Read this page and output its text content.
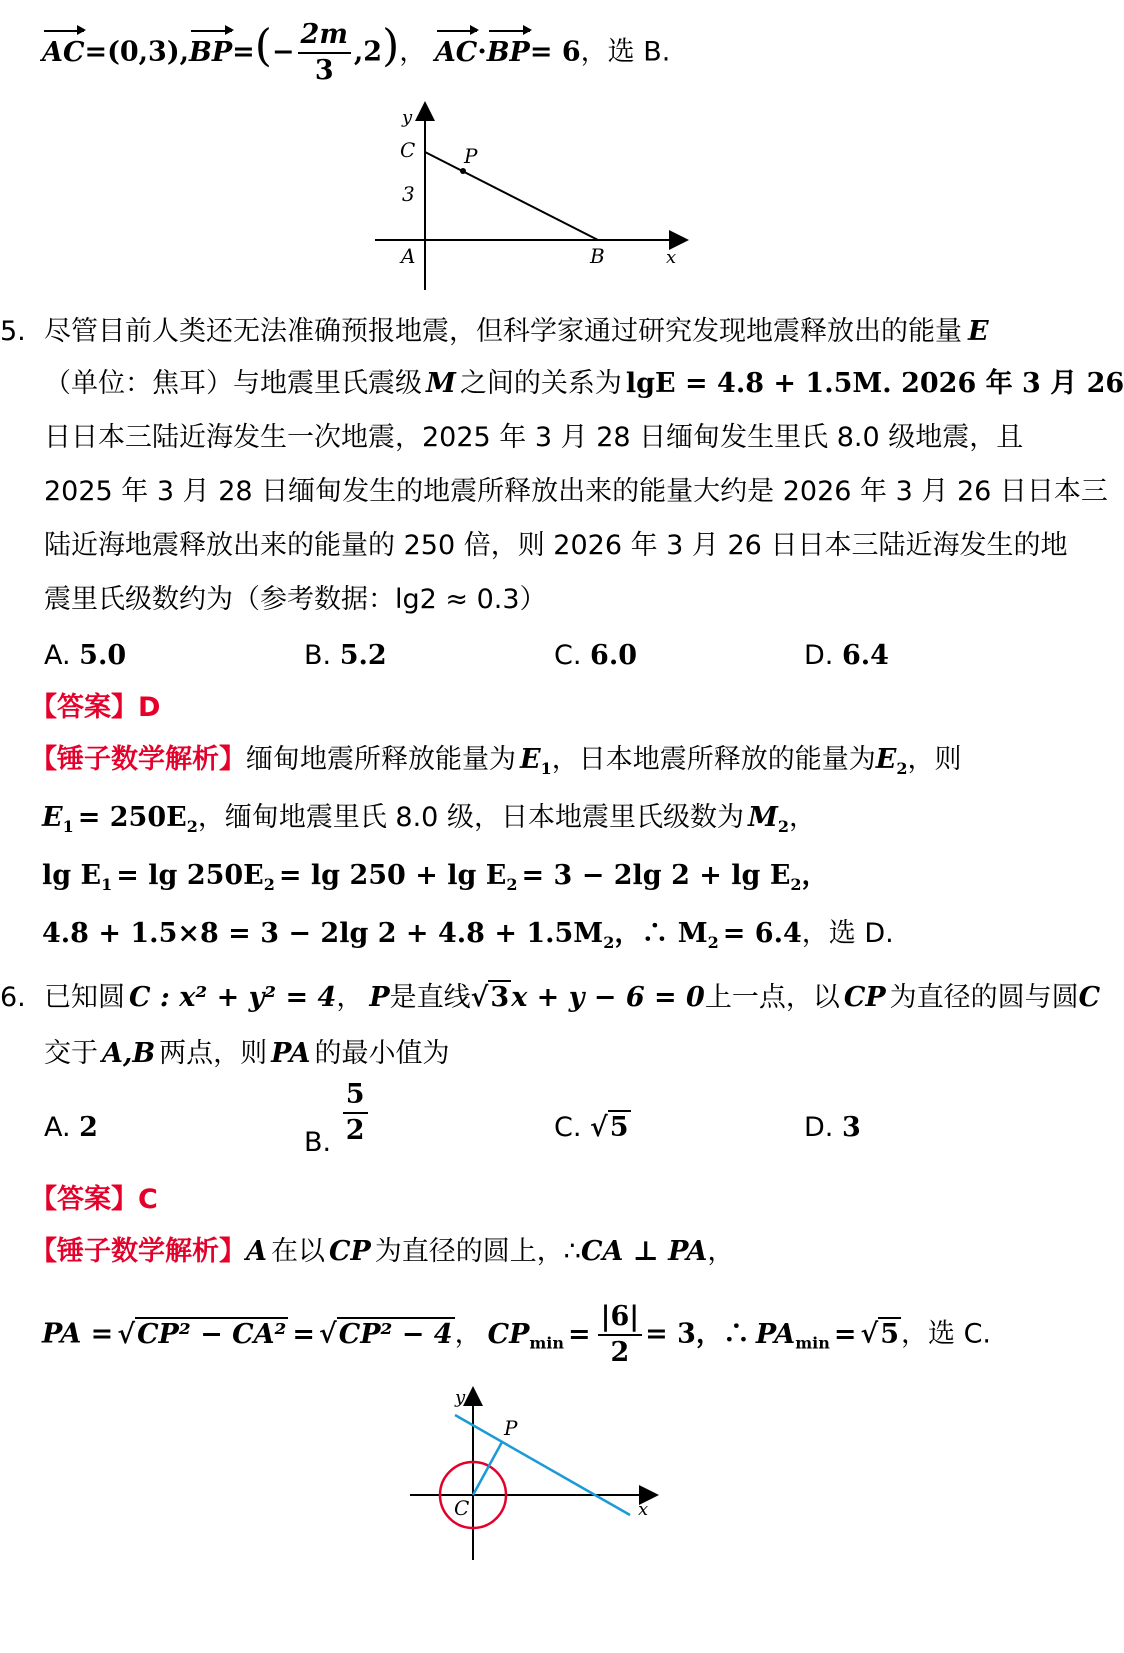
$AC=(0,3),BP=(- \frac{2m}{3} ,2)$， AC·BP= 6，选 B.
y
C P
3
A	B	x
5. 尽管目前人类还无法准确预报地震，但科学家通过研究发现地震释放出的能量 E
（单位：焦耳）与地震里氏震级 M 之间的关系为 lgE = 4.8 + 1.5M. 2026 年 3 月 26
日日本三陆近海发生一次地震，2025 年 3 月 28 日缅甸发生里氏 8.0 级地震，且
2025 年 3 月 28 日缅甸发生的地震所释放出来的能量大约是 2026 年 3 月 26 日日本三
陆近海地震释放出来的能量的 250 倍，则 2026 年 3 月 26 日日本三陆近海发生的地
震里氏级数约为（参考数据：lg2 ≈ 0.3）
A. 5.0	B. 5.2	C. 6.0	D. 6.4
【答案】D
【锤子数学解析】缅甸地震所释放能量为 $E_1$，日本地震所释放的能量为$E_2$，则
$E_1 = 250E_2$，缅甸地震里氏 8.0 级，日本地震里氏级数为 $M_2$，
$\lg E_1 = \lg 250E_2 = \lg 250 + \lg E_2 = 3 - 2\lg$ $2 + \lg E_2$，
4.8 + 1.5×8 = 3 − 2lg $2 + 4.8 + 1.5M_2$，∴ $M_2 = 6.4$，选 D.
6. 已知圆 C : x² + y² = 4， P是直线√3x + y − 6 = 0上一点，以 CP 为直径的圆与圆C
交于 A,B 两点，则 PA 的最小值为
A. 2	B. $\frac{5}{2}$	C. √5	D. 3
【答案】C
【锤子数学解析】A 在以 CP 为直径的圆上，∴CA ⊥ PA，
PA = √CP² − CA² = √CP² − 4， $CP_{min} = \frac{|6|}{2} = 3$，∴ $PA_{min} = √5$，选 C.
y
P
C	x
